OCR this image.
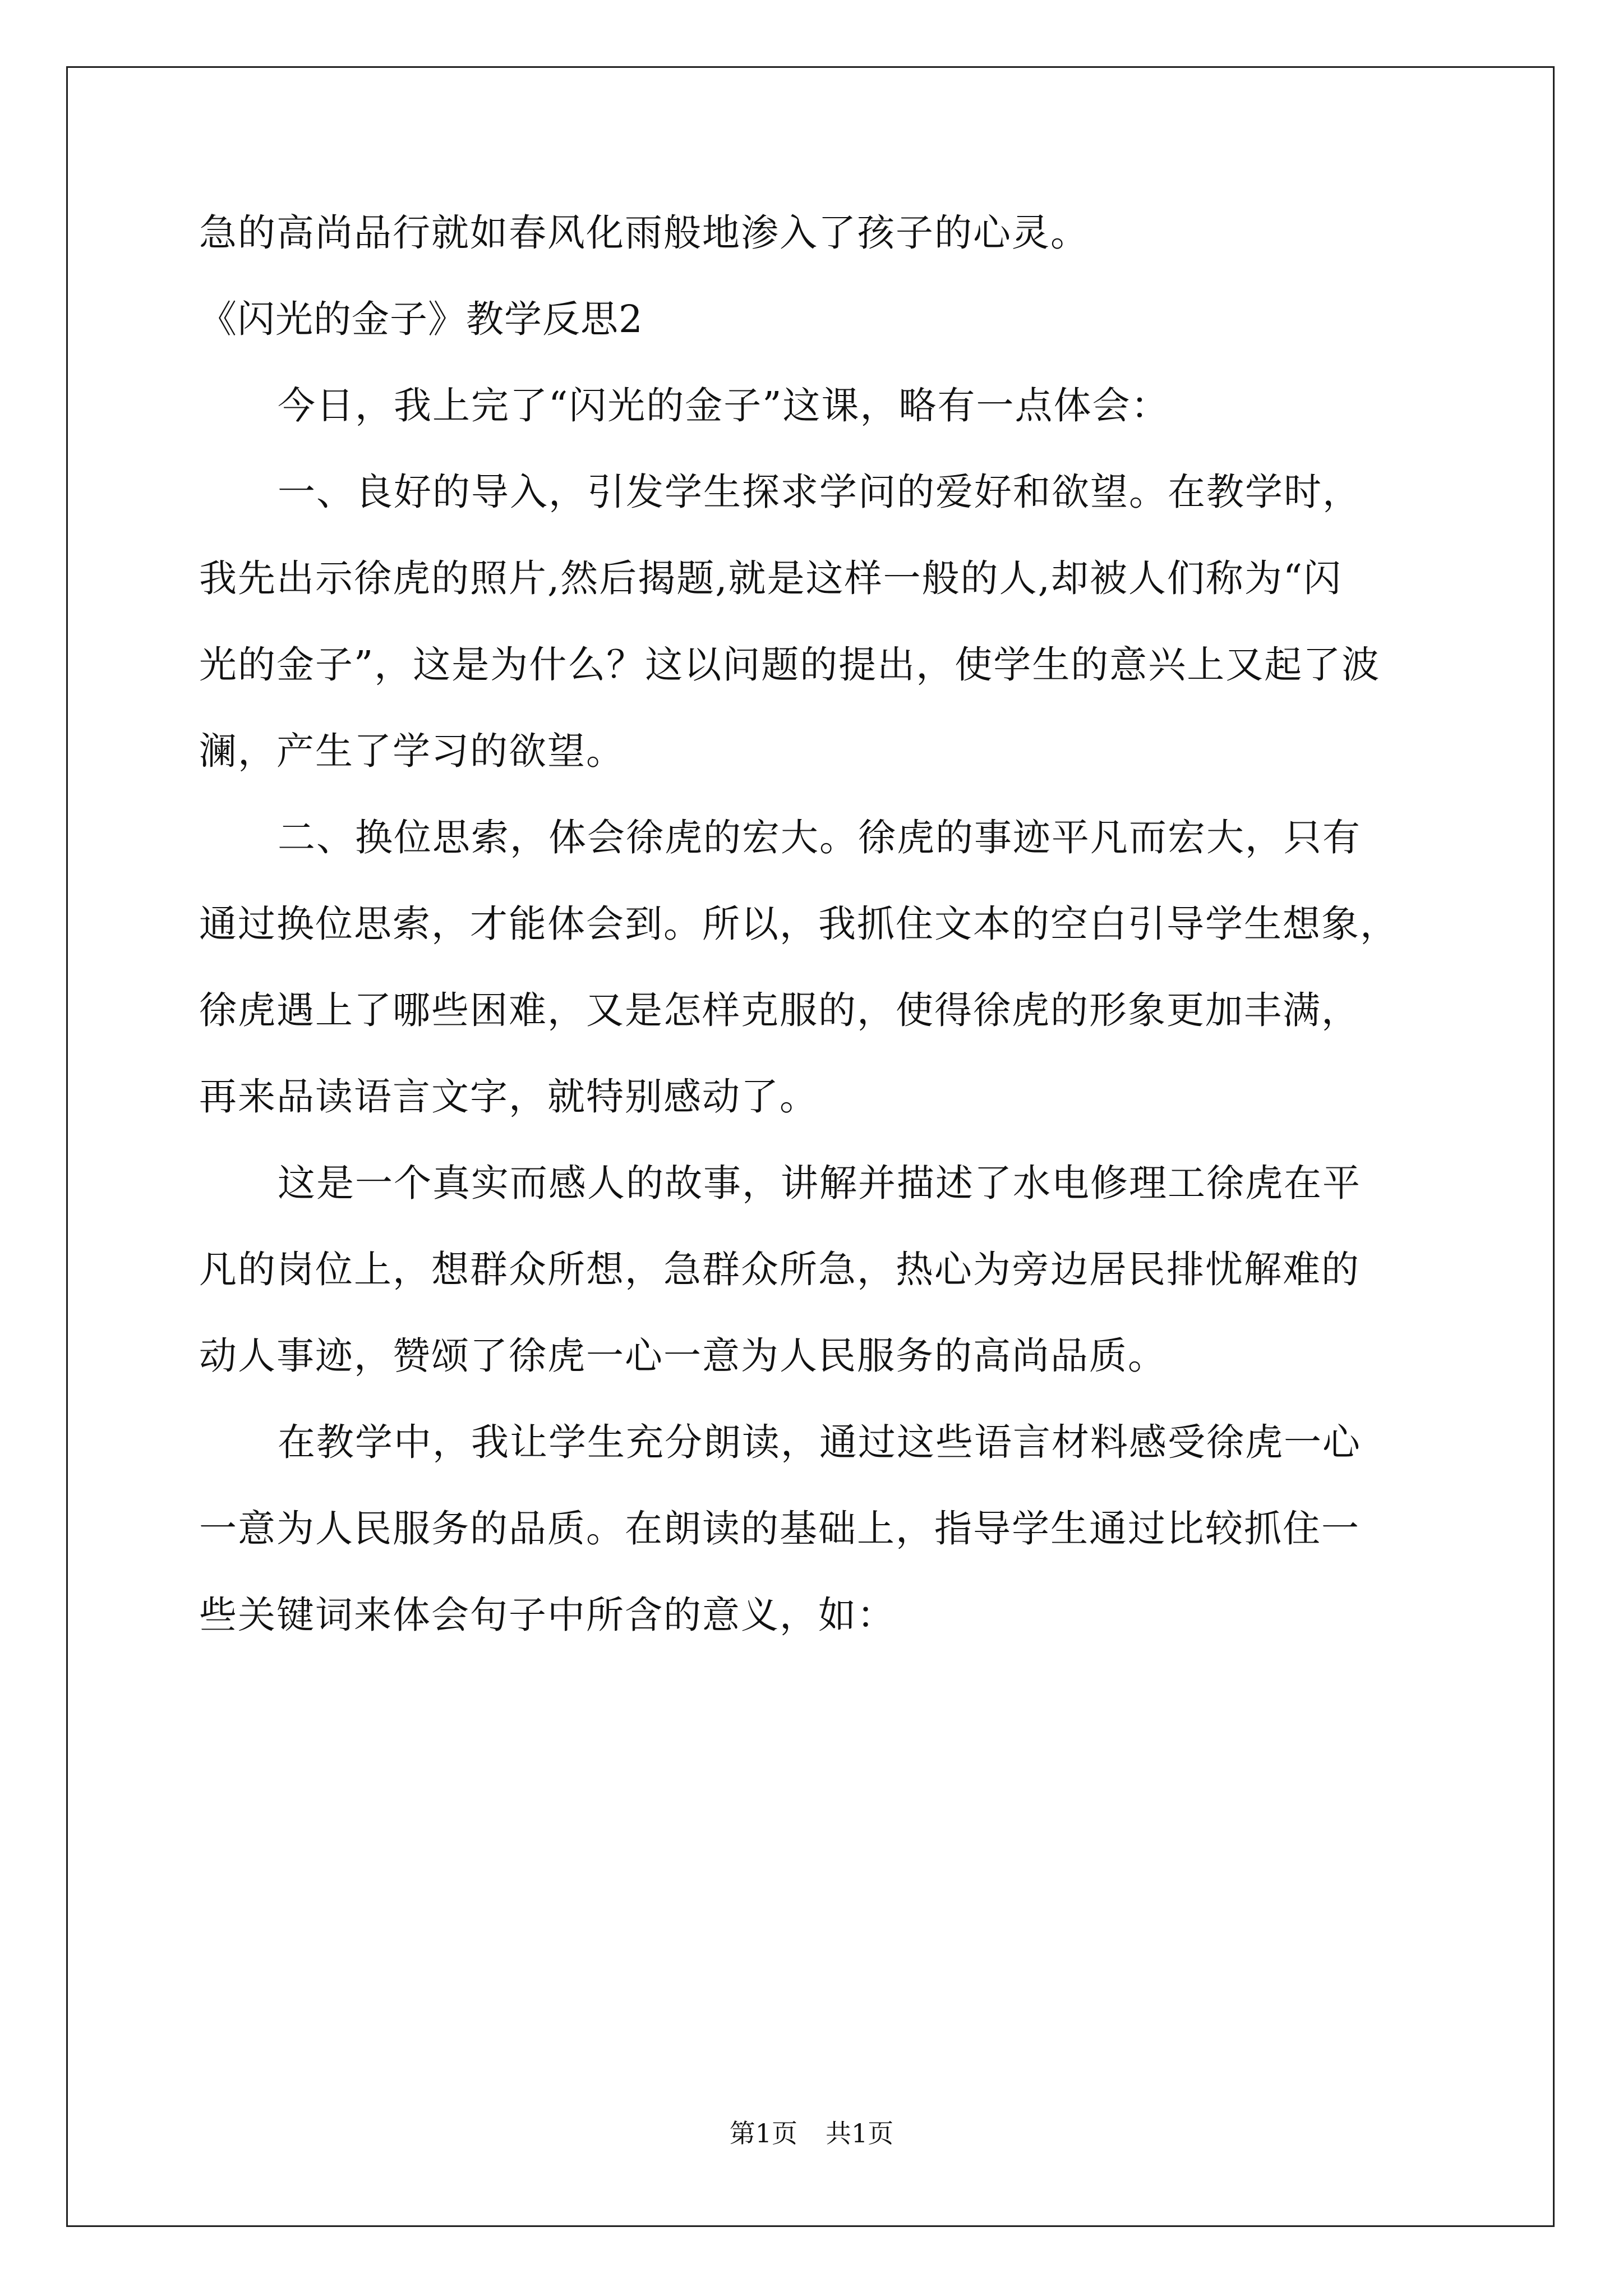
急的高尚品行就如春风化雨般地渗入了孩子的心灵。
《闪光的金子》教学反思2
今日，我上完了“闪光的金子”这课，略有一点体会：
一、良好的导入，引发学生探求学问的爱好和欲望。在教学时，
我先出示徐虎的照片,然后揭题,就是这样一般的人,却被人们称为“闪
光的金子”，这是为什么？这以问题的提出，使学生的意兴上又起了波
澜，产生了学习的欲望。
二、换位思索，体会徐虎的宏大。徐虎的事迹平凡而宏大，只有
通过换位思索，才能体会到。所以，我抓住文本的空白引导学生想象，
徐虎遇上了哪些困难，又是怎样克服的，使得徐虎的形象更加丰满，
再来品读语言文字，就特别感动了。
这是一个真实而感人的故事，讲解并描述了水电修理工徐虎在平
凡的岗位上，想群众所想，急群众所急，热心为旁边居民排忧解难的
动人事迹，赞颂了徐虎一心一意为人民服务的高尚品质。
在教学中，我让学生充分朗读，通过这些语言材料感受徐虎一心
一意为人民服务的品质。在朗读的基础上，指导学生通过比较抓住一
些关键词来体会句子中所含的意义，如：
第1页 共1页
